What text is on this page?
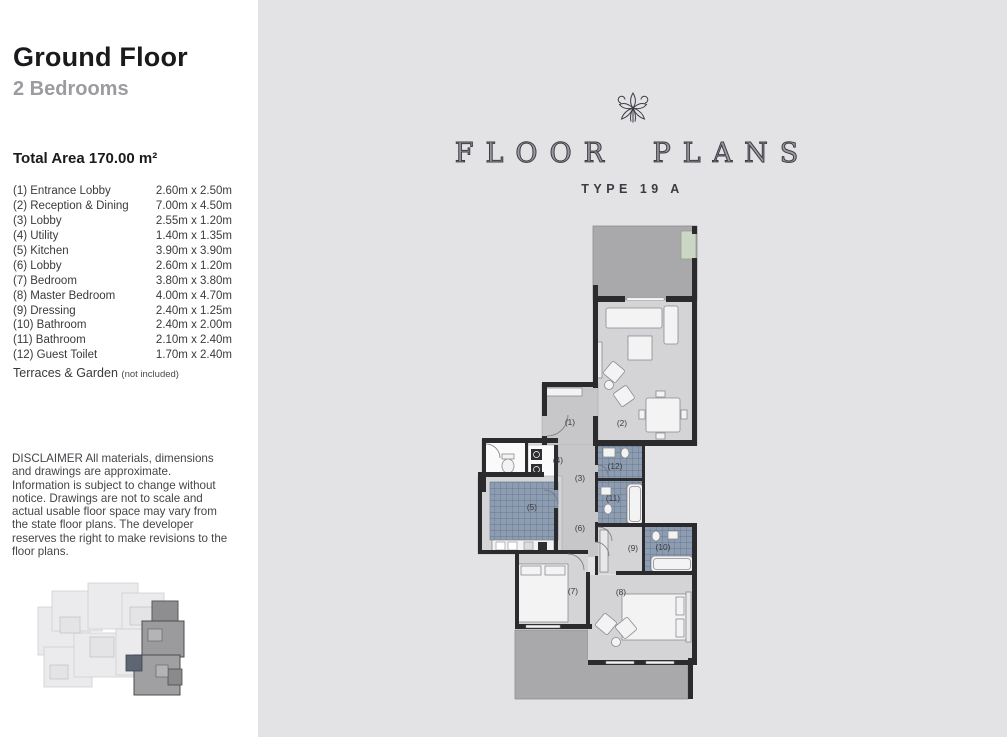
Ground Floor
2 Bedrooms
Total Area 170.00 m²
(1) Entrance Lobby	2.60m x 2.50m
(2) Reception & Dining 7.00m x 4.50m
(3) Lobby	2.55m x 1.20m
(4) Utility	1.40m x 1.35m
(5) Kitchen	3.90m x 3.90m
(6) Lobby	2.60m x 1.20m
(7) Bedroom	3.80m x 3.80m
(8) Master Bedroom	4.00m x 4.70m
(9) Dressing	2.40m x 1.25m
(10) Bathroom	2.40m x 2.00m
(11) Bathroom	2.10m x 2.40m
(12) Guest Toilet	1.70m x 2.40m
Terraces & Garden (not included)
DISCLAIMER All materials, dimensions and drawings are approximate. Information is subject to change without notice. Drawings are not to scale and actual usable floor space may vary from the state floor plans. The developer reserves the right to make revisions to the floor plans.
FLOOR PLANS
TYPE 19 A
(1)	(2)
(3)
(4)
(5)
(6)
(7)	(8)
(9) (10)
(11)
(12)
